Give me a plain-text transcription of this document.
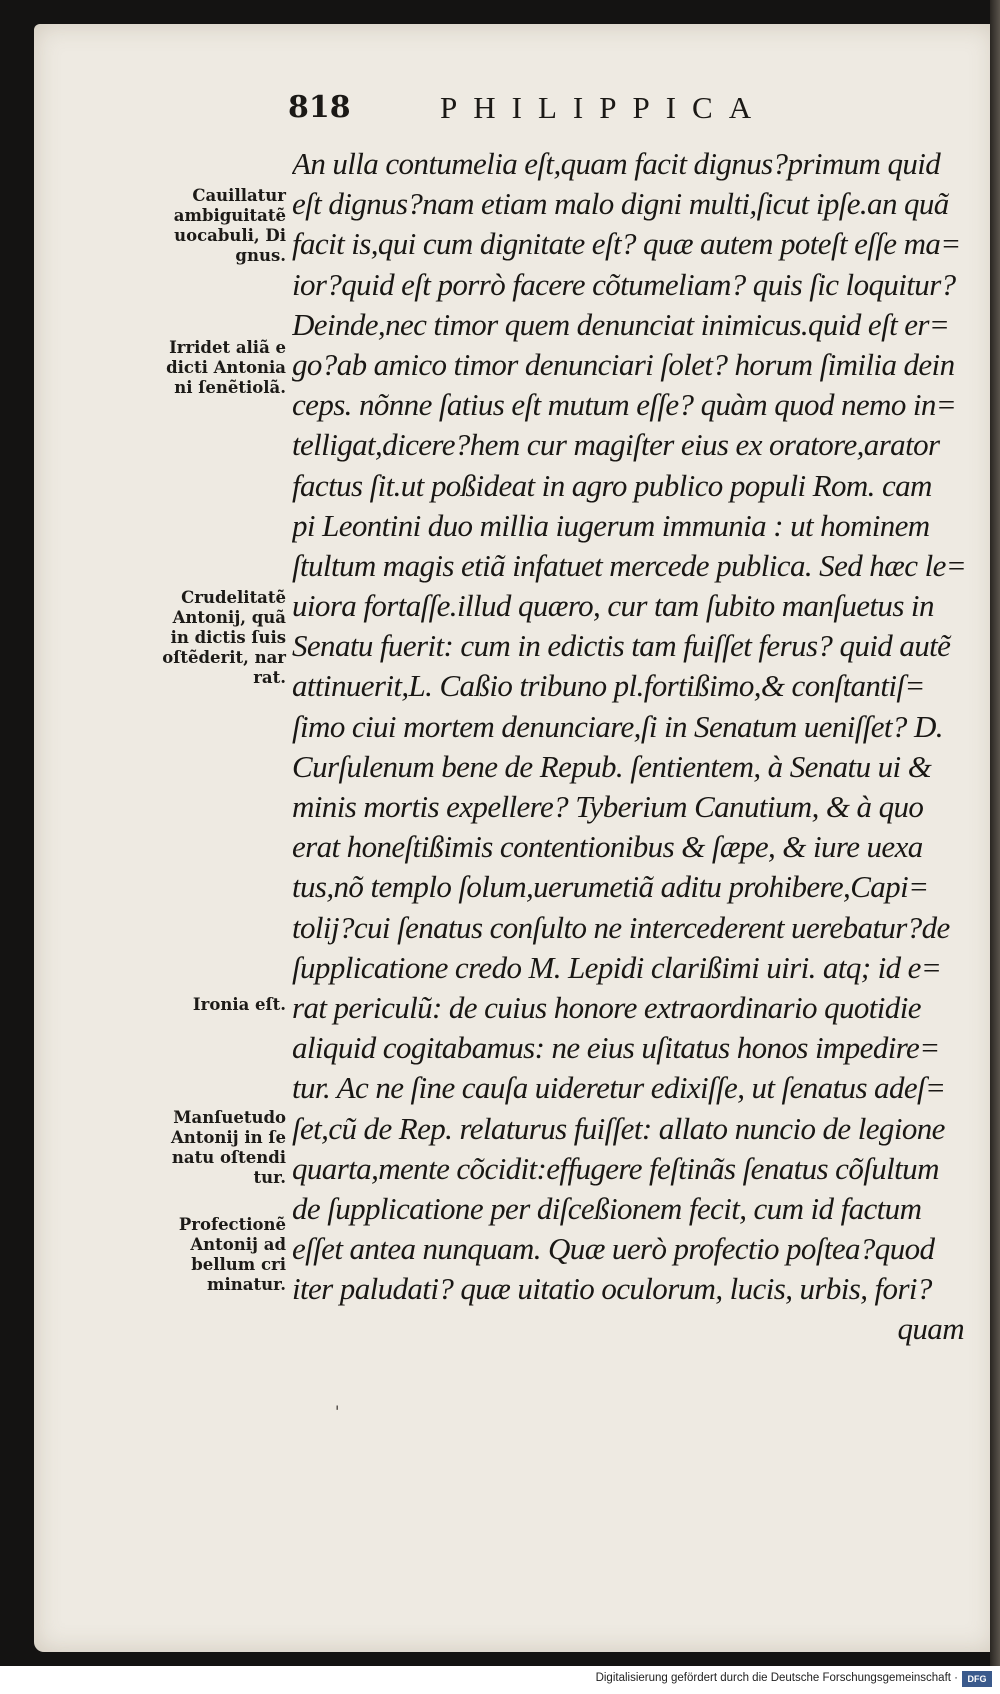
818	PHILIPPICA
An ulla contumelia eſt,quam facit dignus?primum quid
eſt dignus?nam etiam malo digni multi,ſicut ipſe.an quã
facit is,qui cum dignitate eſt? quæ autem poteſt eſſe ma=
ior?quid eſt porrò facere cõtumeliam? quis ſic loquitur?
Deinde,nec timor quem denunciat inimicus.quid eſt er=
go?ab amico timor denunciari ſolet? horum ſimilia dein
ceps. nõnne ſatius eſt mutum eſſe? quàm quod nemo in=
telligat,dicere?hem cur magiſter eius ex oratore,arator
factus ſit.ut poßideat in agro publico populi Rom. cam
pi Leontini duo millia iugerum immunia : ut hominem
ſtultum magis etiã infatuet mercede publica. Sed hæc le=
uiora fortaſſe.illud quæro, cur tam ſubito manſuetus in
Senatu fuerit: cum in edictis tam fuiſſet ferus? quid autẽ
attinuerit,L. Caßio tribuno pl.fortißimo,& conſtantiſ=
ſimo ciui mortem denunciare,ſi in Senatum ueniſſet? D.
Curſulenum bene de Repub. ſentientem, à Senatu ui &
minis mortis expellere? Tyberium Canutium, & à quo
erat honeſtißimis contentionibus & ſæpe, & iure uexa
tus,nõ templo ſolum,uerumetiã aditu prohibere,Capi=
tolij?cui ſenatus conſulto ne intercederent uerebatur?de
ſupplicatione credo M. Lepidi clarißimi uiri. atq; id e=
rat periculũ: de cuius honore extraordinario quotidie
aliquid cogitabamus: ne eius uſitatus honos impedire=
tur. Ac ne ſine cauſa uideretur edixiſſe, ut ſenatus adeſ=
ſet,cũ de Rep. relaturus fuiſſet: allato nuncio de legione
quarta,mente cõcidit:effugere feſtinãs ſenatus cõſultum
de ſupplicatione per diſceßionem fecit, cum id factum
eſſet antea nunquam. Quæ uerò profectio poſtea?quod
iter paludati? quæ uitatio oculorum, lucis, urbis, fori?
quam
Cauillatur
ambiguitatẽ
uocabuli, Di
gnus.
Irridet aliã e
dicti Antonia
ni ſenẽtiolã.
Crudelitatẽ
Antonij, quã
in dictis ſuis
oſtẽderit, nar
rat.
Ironia eſt.
Manſuetudo
Antonij in ſe
natu oſtendi
tur.
Profectionẽ
Antonij ad
bellum cri
minatur.
'
Digitalisierung gefördert durch die Deutsche Forschungsgemeinschaft ·	DFG
